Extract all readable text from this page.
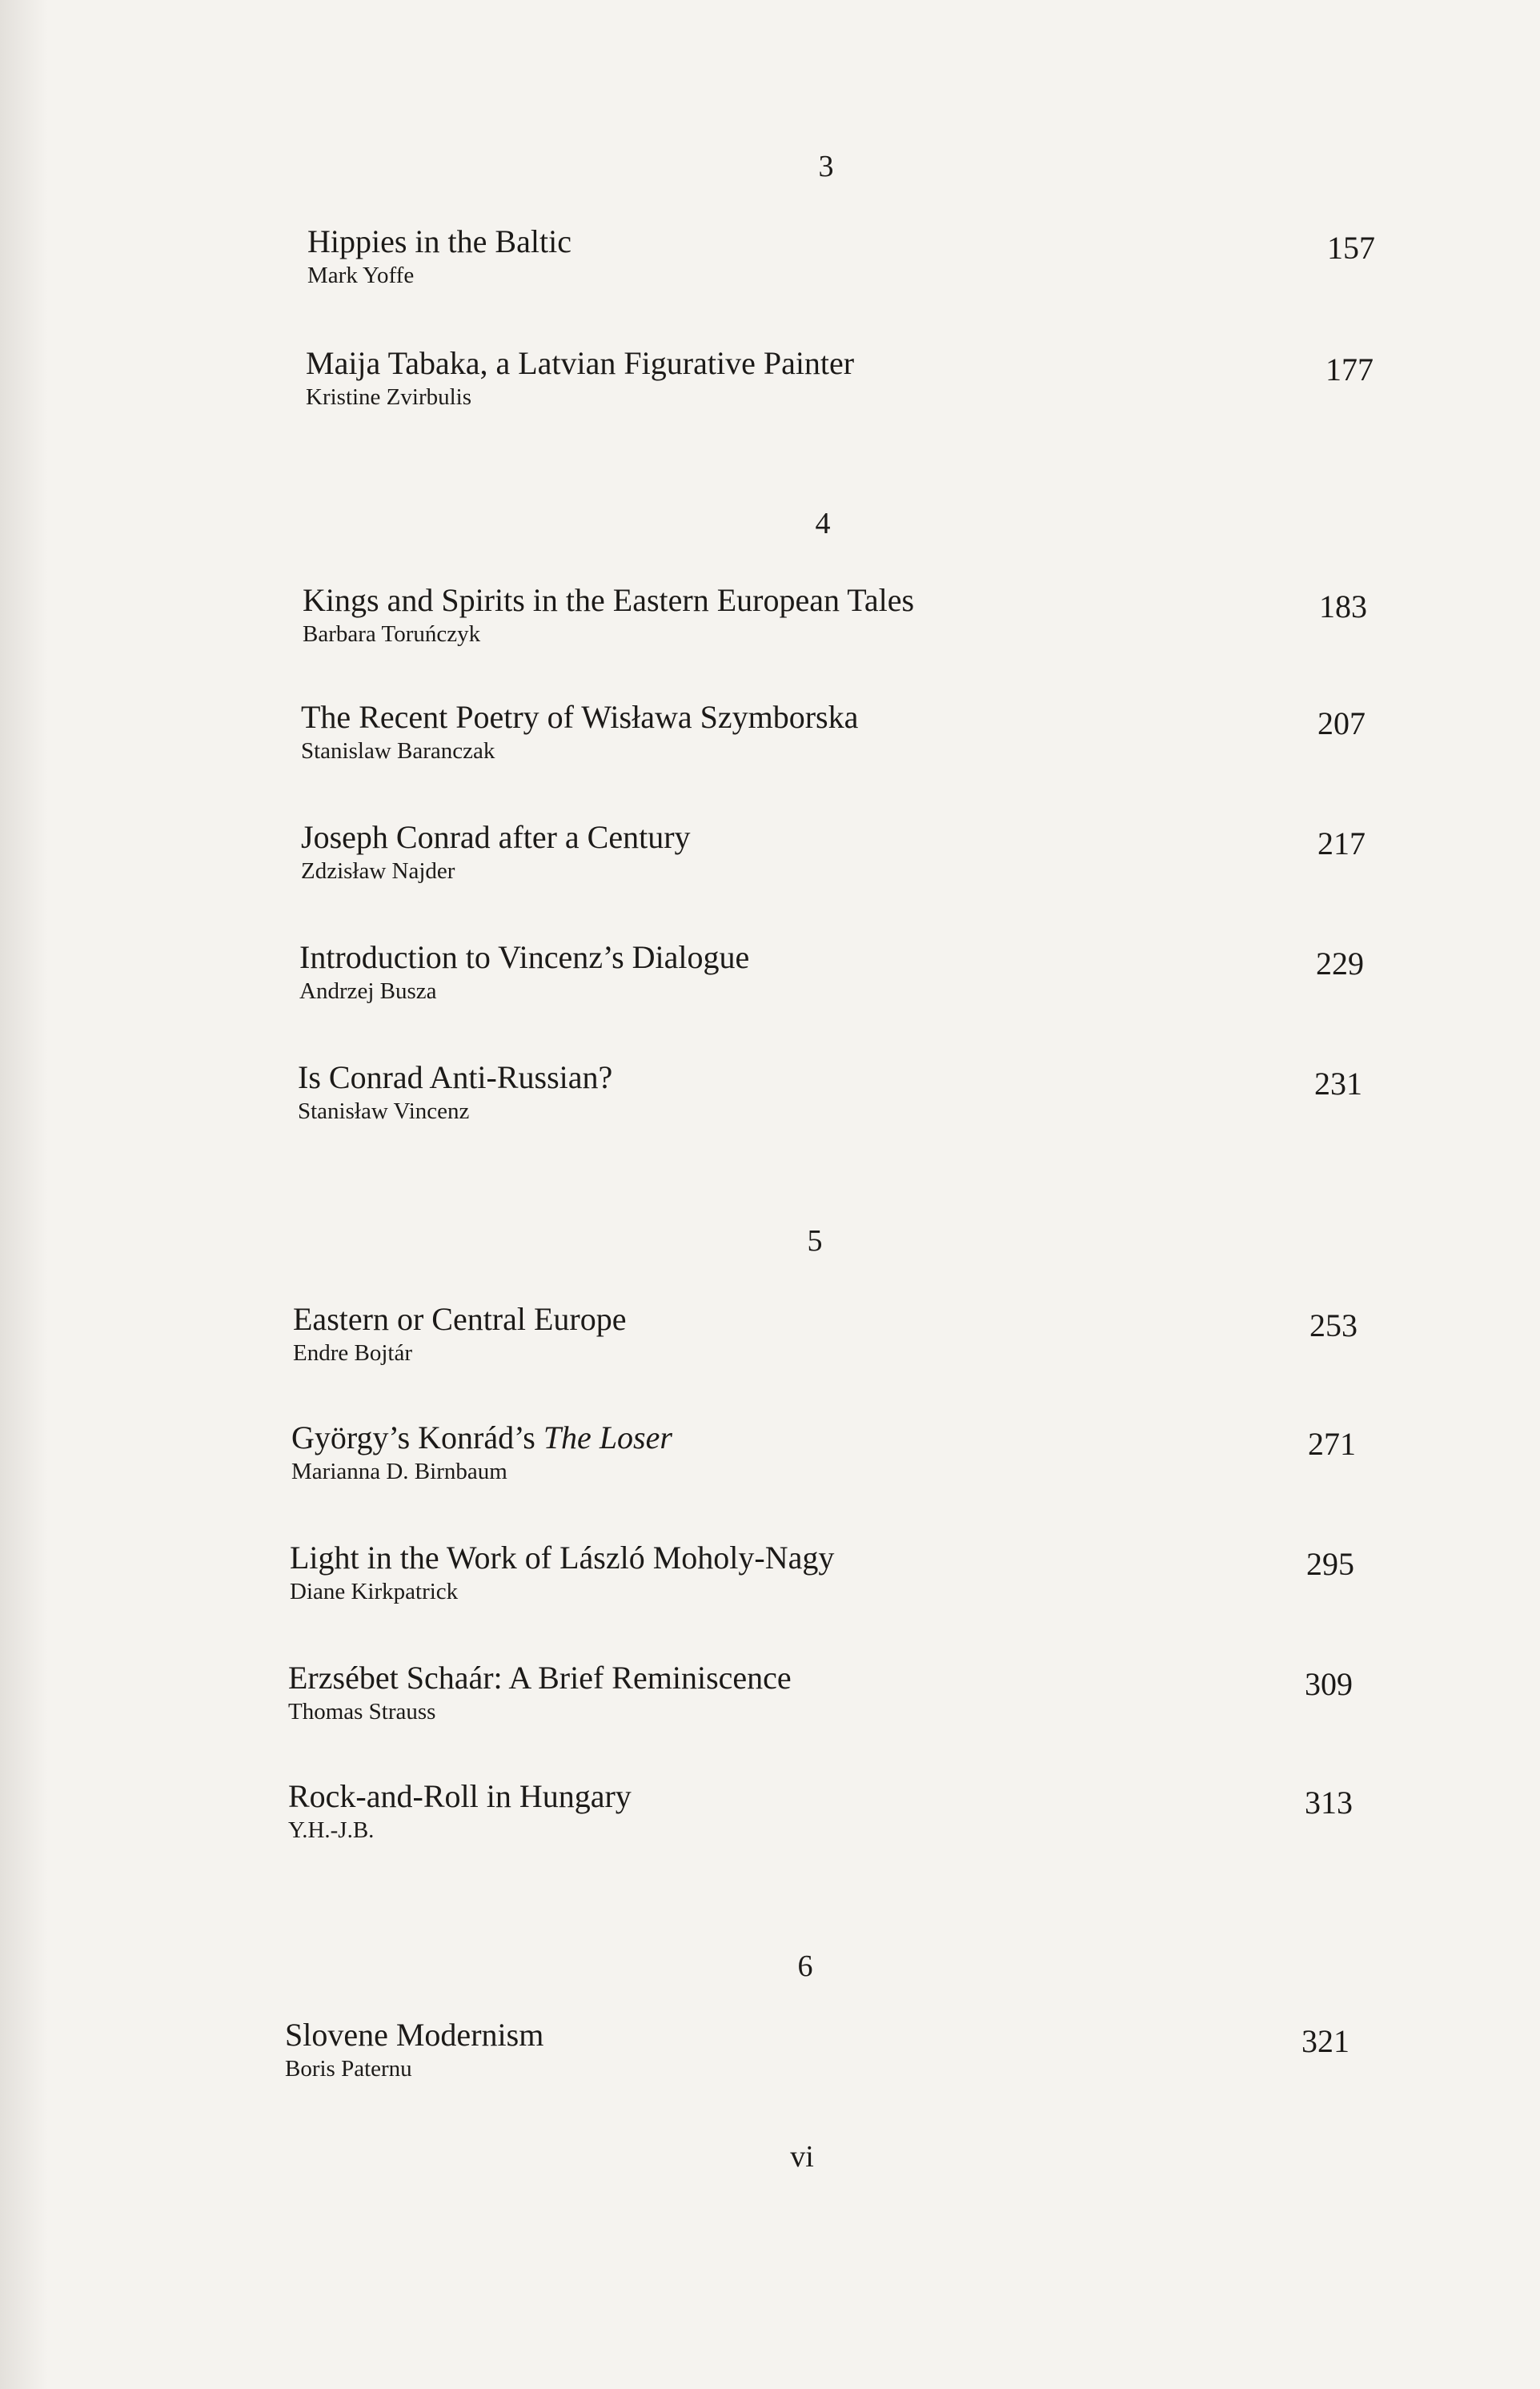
3
Hippies in the Baltic
Mark Yoffe
157
Maija Tabaka, a Latvian Figurative Painter
Kristine Zvirbulis
177
4
Kings and Spirits in the Eastern European Tales
Barbara Toruńczyk
183
The Recent Poetry of Wisława Szymborska
Stanislaw Baranczak
207
Joseph Conrad after a Century
Zdzisław Najder
217
Introduction to Vincenz’s Dialogue
Andrzej Busza
229
Is Conrad Anti-Russian?
Stanisław Vincenz
231
5
Eastern or Central Europe
Endre Bojtár
253
György’s Konrád’s The Loser
Marianna D. Birnbaum
271
Light in the Work of László Moholy-Nagy
Diane Kirkpatrick
295
Erzsébet Schaár: A Brief Reminiscence
Thomas Strauss
309
Rock-and-Roll in Hungary
Y.H.-J.B.
313
6
Slovene Modernism
Boris Paternu
321
vi
